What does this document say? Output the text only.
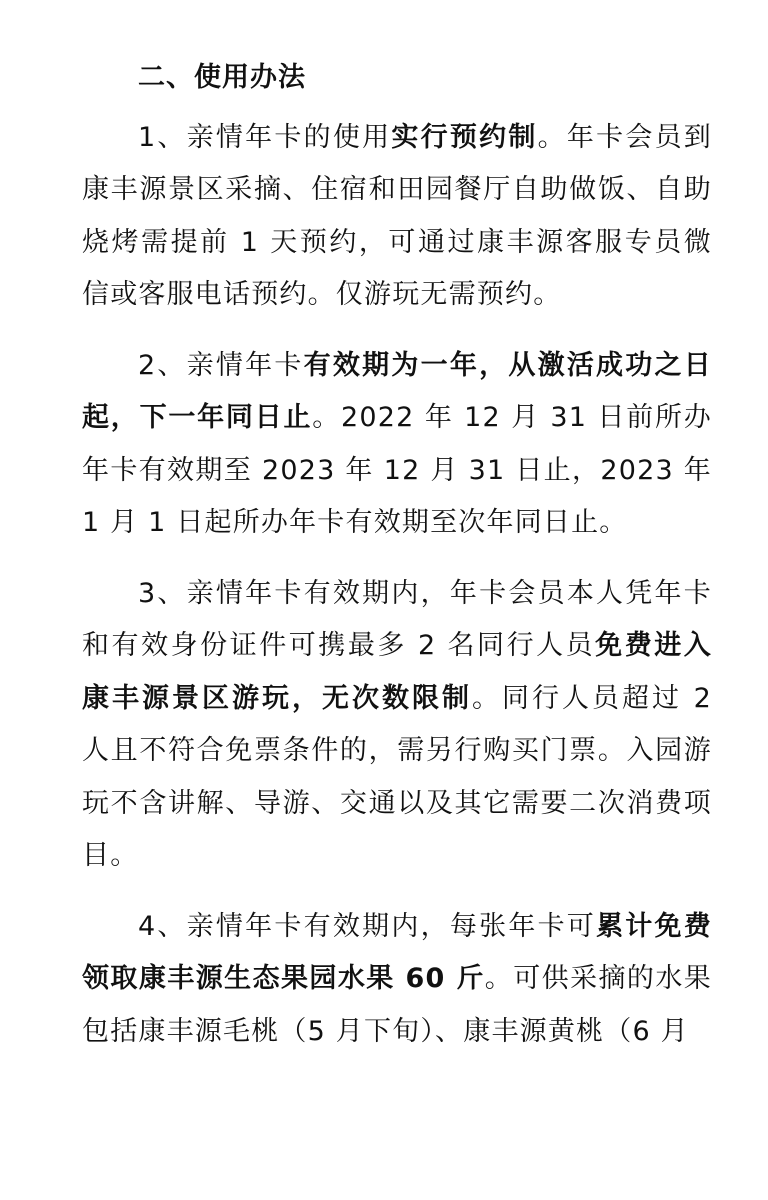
二、使用办法

1、亲情年卡的使用实行预约制。年卡会员到康丰源景区采摘、住宿和田园餐厅自助做饭、自助烧烤需提前 1 天预约，可通过康丰源客服专员微信或客服电话预约。仅游玩无需预约。

2、亲情年卡有效期为一年，从激活成功之日起，下一年同日止。2022 年 12 月 31 日前所办年卡有效期至 2023 年 12 月 31 日止，2023 年 1 月 1 日起所办年卡有效期至次年同日止。

3、亲情年卡有效期内，年卡会员本人凭年卡和有效身份证件可携最多 2 名同行人员免费进入康丰源景区游玩，无次数限制。同行人员超过 2 人且不符合免票条件的，需另行购买门票。入园游玩不含讲解、导游、交通以及其它需要二次消费项目。

4、亲情年卡有效期内，每张年卡可累计免费领取康丰源生态果园水果 60 斤。可供采摘的水果包括康丰源毛桃（5 月下旬）、康丰源黄桃（6 月
